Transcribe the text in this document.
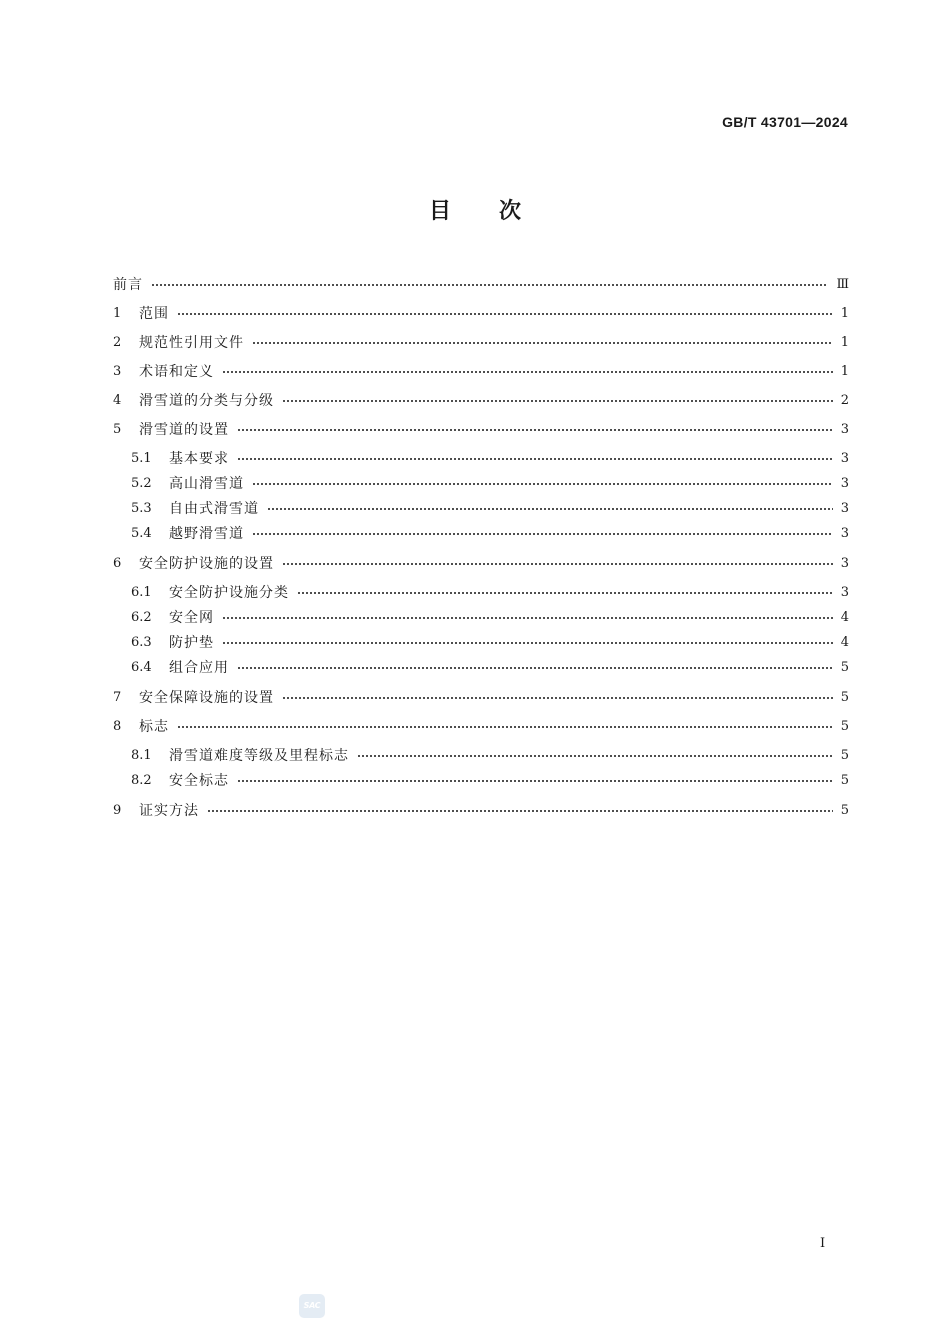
GB/T 43701—2024
目次
前言	Ⅲ
1	范围	1
2	规范性引用文件	1
3	术语和定义	1
4	滑雪道的分类与分级	2
5	滑雪道的设置	3
5.1	基本要求	3
5.2	高山滑雪道	3
5.3	自由式滑雪道	3
5.4	越野滑雪道	3
6	安全防护设施的设置	3
6.1	安全防护设施分类	3
6.2	安全网	4
6.3	防护垫	4
6.4	组合应用	5
7	安全保障设施的设置	5
8	标志	5
8.1	滑雪道难度等级及里程标志	5
8.2	安全标志	5
9	证实方法	5
I
SAC
